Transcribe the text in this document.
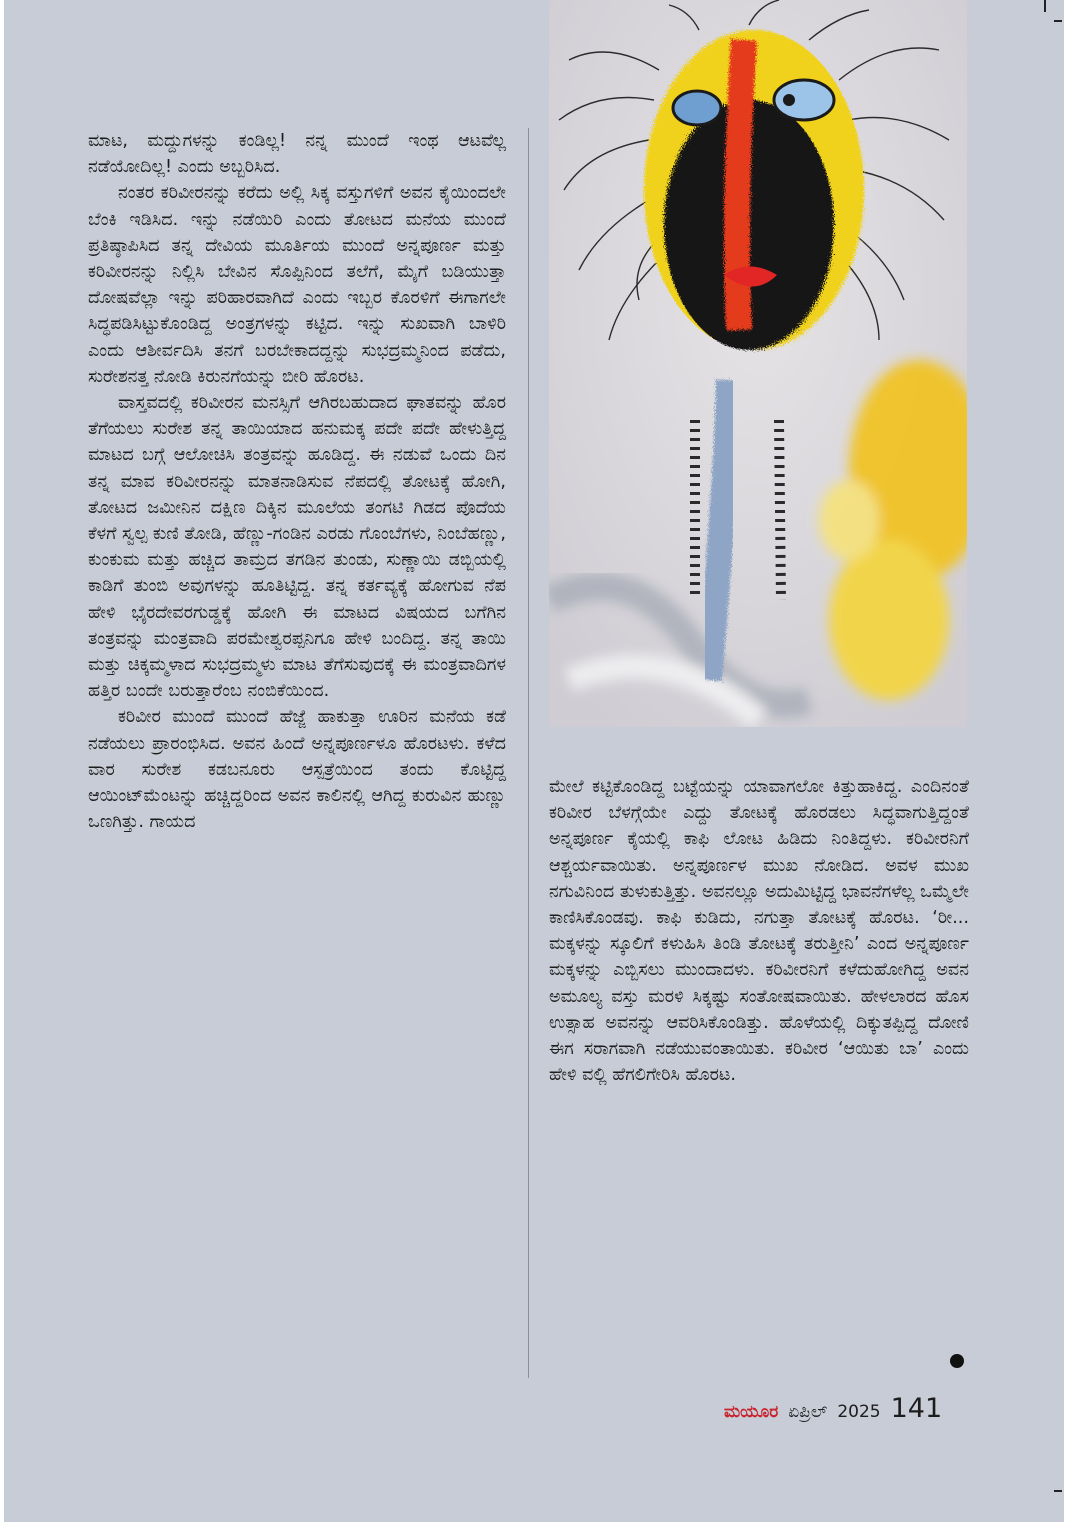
ಮಾಟ, ಮದ್ದುಗಳನ್ನು ಕಂಡಿಲ್ಲ! ನನ್ನ ಮುಂದೆ ಇಂಥ ಆಟವೆಲ್ಲ ನಡೆಯೋದಿಲ್ಲ! ಎಂದು ಅಬ್ಬರಿಸಿದ.

ನಂತರ ಕರಿವೀರನನ್ನು ಕರೆದು ಅಲ್ಲಿ ಸಿಕ್ಕ ವಸ್ತುಗಳಿಗೆ ಅವನ ಕೈಯಿಂದಲೇ ಬೆಂಕಿ ಇಡಿಸಿದ. ಇನ್ನು ನಡೆಯಿರಿ ಎಂದು ತೋಟದ ಮನೆಯ ಮುಂದೆ ಪ್ರತಿಷ್ಠಾಪಿಸಿದ ತನ್ನ ದೇವಿಯ ಮೂರ್ತಿಯ ಮುಂದೆ ಅನ್ನಪೂರ್ಣ ಮತ್ತು ಕರಿವೀರನನ್ನು ನಿಲ್ಲಿಸಿ ಬೇವಿನ ಸೊಪ್ಪಿನಿಂದ ತಲೆಗೆ, ಮೈಗೆ ಬಡಿಯುತ್ತಾ ದೋಷವೆಲ್ಲಾ ಇನ್ನು ಪರಿಹಾರವಾಗಿದೆ ಎಂದು ಇಬ್ಬರ ಕೊರಳಿಗೆ ಈಗಾಗಲೇ ಸಿದ್ಧಪಡಿಸಿಟ್ಟುಕೊಂಡಿದ್ದ ಅಂತ್ರಗಳನ್ನು ಕಟ್ಟಿದ. ಇನ್ನು ಸುಖವಾಗಿ ಬಾಳಿರಿ ಎಂದು ಆಶೀರ್ವದಿಸಿ ತನಗೆ ಬರಬೇಕಾದದ್ದನ್ನು ಸುಭದ್ರಮ್ಮನಿಂದ ಪಡೆದು, ಸುರೇಶನತ್ತ ನೋಡಿ ಕಿರುನಗೆಯನ್ನು ಬೀರಿ ಹೊರಟ.

ವಾಸ್ತವದಲ್ಲಿ ಕರಿವೀರನ ಮನಸ್ಸಿಗೆ ಆಗಿರಬಹುದಾದ ಘಾತವನ್ನು ಹೊರ ತೆಗೆಯಲು ಸುರೇಶ ತನ್ನ ತಾಯಿಯಾದ ಹನುಮಕ್ಕ ಪದೇ ಪದೇ ಹೇಳುತ್ತಿದ್ದ ಮಾಟದ ಬಗ್ಗೆ ಆಲೋಚಿಸಿ ತಂತ್ರವನ್ನು ಹೂಡಿದ್ದ. ಈ ನಡುವೆ ಒಂದು ದಿನ ತನ್ನ ಮಾವ ಕರಿವೀರನನ್ನು ಮಾತನಾಡಿಸುವ ನೆಪದಲ್ಲಿ ತೋಟಕ್ಕೆ ಹೋಗಿ, ತೋಟದ ಜಮೀನಿನ ದಕ್ಷಿಣ ದಿಕ್ಕಿನ ಮೂಲೆಯ ತಂಗಟಿ ಗಿಡದ ಪೊದೆಯ ಕೆಳಗೆ ಸ್ವಲ್ಪ ಕುಣಿ ತೋಡಿ, ಹೆಣ್ಣು-ಗಂಡಿನ ಎರಡು ಗೊಂಬೆಗಳು, ನಿಂಬೆಹಣ್ಣು, ಕುಂಕುಮ ಮತ್ತು ಹಚ್ಚಿದ ತಾಮ್ರದ ತಗಡಿನ ತುಂಡು, ಸುಣ್ಣಾಯಿ ಡಬ್ಬಿಯಲ್ಲಿ ಕಾಡಿಗೆ ತುಂಬಿ ಅವುಗಳನ್ನು ಹೂತಿಟ್ಟಿದ್ದ. ತನ್ನ ಕರ್ತವ್ಯಕ್ಕೆ ಹೋಗುವ ನೆಪ ಹೇಳಿ ಭೈರದೇವರಗುಡ್ಡಕ್ಕೆ ಹೋಗಿ ಈ ಮಾಟದ ವಿಷಯದ ಬಗೆಗಿನ ತಂತ್ರವನ್ನು ಮಂತ್ರವಾದಿ ಪರಮೇಶ್ವರಪ್ಪನಿಗೂ ಹೇಳಿ ಬಂದಿದ್ದ. ತನ್ನ ತಾಯಿ ಮತ್ತು ಚಿಕ್ಕಮ್ಮಳಾದ ಸುಭದ್ರಮ್ಮಳು ಮಾಟ ತೆಗೆಸುವುದಕ್ಕೆ ಈ ಮಂತ್ರವಾದಿಗಳ ಹತ್ತಿರ ಬಂದೇ ಬರುತ್ತಾರೆಂಬ ನಂಬಿಕೆಯಿಂದ.

ಕರಿವೀರ ಮುಂದೆ ಮುಂದೆ ಹೆಜ್ಜೆ ಹಾಕುತ್ತಾ ಊರಿನ ಮನೆಯ ಕಡೆ ನಡೆಯಲು ಪ್ರಾರಂಭಿಸಿದ. ಅವನ ಹಿಂದೆ ಅನ್ನಪೂರ್ಣಳೂ ಹೊರಟಳು. ಕಳೆದ ವಾರ ಸುರೇಶ ಕಡಬನೂರು ಆಸ್ಪತ್ರೆಯಿಂದ ತಂದು ಕೊಟ್ಟಿದ್ದ ಆಯಿಂಟ್‌ಮೆಂಟನ್ನು ಹಚ್ಚಿದ್ದರಿಂದ ಅವನ ಕಾಲಿನಲ್ಲಿ ಆಗಿದ್ದ ಕುರುವಿನ ಹುಣ್ಣು ಒಣಗಿತ್ತು. ಗಾಯದ

ಮೇಲೆ ಕಟ್ಟಿಕೊಂಡಿದ್ದ ಬಟ್ಟೆಯನ್ನು ಯಾವಾಗಲೋ ಕಿತ್ತುಹಾಕಿದ್ದ. ಎಂದಿನಂತೆ ಕರಿವೀರ ಬೆಳಗ್ಗೆಯೇ ಎದ್ದು ತೋಟಕ್ಕೆ ಹೊರಡಲು ಸಿದ್ಧವಾಗುತ್ತಿದ್ದಂತೆ ಅನ್ನಪೂರ್ಣ ಕೈಯಲ್ಲಿ ಕಾಫಿ ಲೋಟ ಹಿಡಿದು ನಿಂತಿದ್ದಳು. ಕರಿವೀರನಿಗೆ ಆಶ್ಚರ್ಯವಾಯಿತು. ಅನ್ನಪೂರ್ಣಳ ಮುಖ ನೋಡಿದ. ಅವಳ ಮುಖ ನಗುವಿನಿಂದ ತುಳುಕುತ್ತಿತ್ತು. ಅವನಲ್ಲೂ ಅದುಮಿಟ್ಟಿದ್ದ ಭಾವನೆಗಳೆಲ್ಲ ಒಮ್ಮೆಲೇ ಕಾಣಿಸಿಕೊಂಡವು. ಕಾಫಿ ಕುಡಿದು, ನಗುತ್ತಾ ತೋಟಕ್ಕೆ ಹೊರಟ. ‘ರೀ... ಮಕ್ಕಳನ್ನು ಸ್ಕೂಲಿಗೆ ಕಳುಹಿಸಿ ತಿಂಡಿ ತೋಟಕ್ಕೆ ತರುತ್ತೀನಿ’ ಎಂದ ಅನ್ನಪೂರ್ಣ ಮಕ್ಕಳನ್ನು ಎಬ್ಬಿಸಲು ಮುಂದಾದಳು. ಕರಿವೀರನಿಗೆ ಕಳೆದುಹೋಗಿದ್ದ ಅವನ ಅಮೂಲ್ಯ ವಸ್ತು ಮರಳಿ ಸಿಕ್ಕಷ್ಟು ಸಂತೋಷವಾಯಿತು. ಹೇಳಲಾರದ ಹೊಸ ಉತ್ಸಾಹ ಅವನನ್ನು ಆವರಿಸಿಕೊಂಡಿತ್ತು. ಹೊಳೆಯಲ್ಲಿ ದಿಕ್ಕುತಪ್ಪಿದ್ದ ದೋಣಿ ಈಗ ಸರಾಗವಾಗಿ ನಡೆಯುವಂತಾಯಿತು. ಕರಿವೀರ ‘ಆಯಿತು ಬಾ’ ಎಂದು ಹೇಳಿ ವಲ್ಲಿ ಹೆಗಲಿಗೇರಿಸಿ ಹೊರಟ.

ಮಯೂರ ಏಪ್ರಿಲ್ 2025 141
